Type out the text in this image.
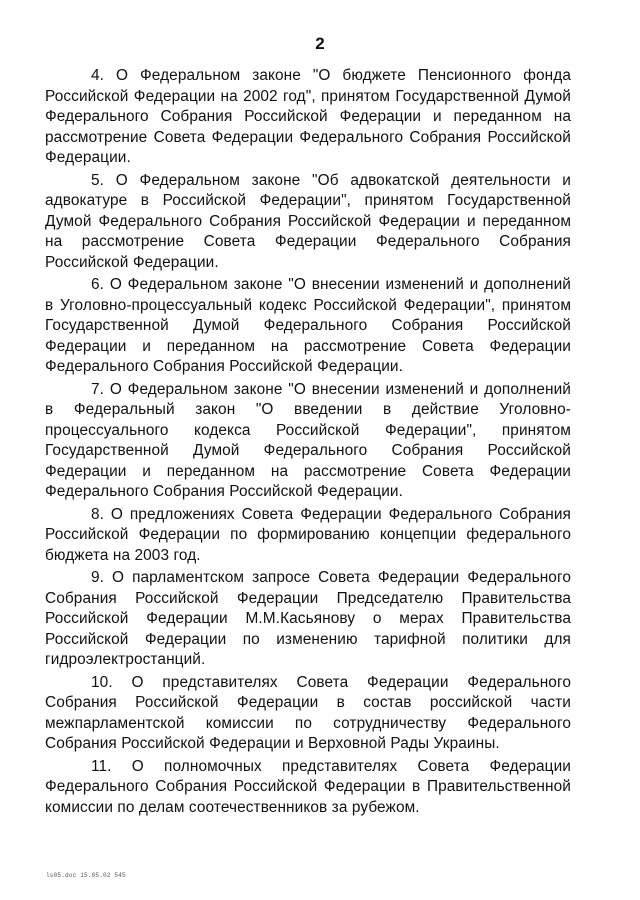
2

4. О Федеральном законе "О бюджете Пенсионного фонда Российской Федерации на 2002 год", принятом Государственной Думой Федерального Собрания Российской Федерации и переданном на рассмотрение Совета Федерации Федерального Собрания Российской Федерации.

5. О Федеральном законе "Об адвокатской деятельности и адвокатуре в Российской Федерации", принятом Государственной Думой Федерального Собрания Российской Федерации и переданном на рассмотрение Совета Федерации Федерального Собрания Российской Федерации.

6. О Федеральном законе "О внесении изменений и дополнений в Уголовно-процессуальный кодекс Российской Федерации", принятом Государственной Думой Федерального Собрания Российской Федерации и переданном на рассмотрение Совета Федерации Федерального Собрания Российской Федерации.

7. О Федеральном законе "О внесении изменений и дополнений в Федеральный закон "О введении в действие Уголовно-процессуального кодекса Российской Федерации", принятом Государственной Думой Федерального Собрания Российской Федерации и переданном на рассмотрение Совета Федерации Федерального Собрания Российской Федерации.

8. О предложениях Совета Федерации Федерального Собрания Российской Федерации по формированию концепции федерального бюджета на 2003 год.

9. О парламентском запросе Совета Федерации Федерального Собрания Российской Федерации Председателю Правительства Российской Федерации М.М.Касьянову о мерах Правительства Российской Федерации по изменению тарифной политики для гидроэлектростанций.

10. О представителях Совета Федерации Федерального Собрания Российской Федерации в состав российской части межпарламентской комиссии по сотрудничеству Федерального Собрания Российской Федерации и Верховной Рады Украины.

11. О полномочных представителях Совета Федерации Федерального Собрания Российской Федерации в Правительственной комиссии по делам соотечественников за рубежом.

ls05.doc 15.05.02 545
